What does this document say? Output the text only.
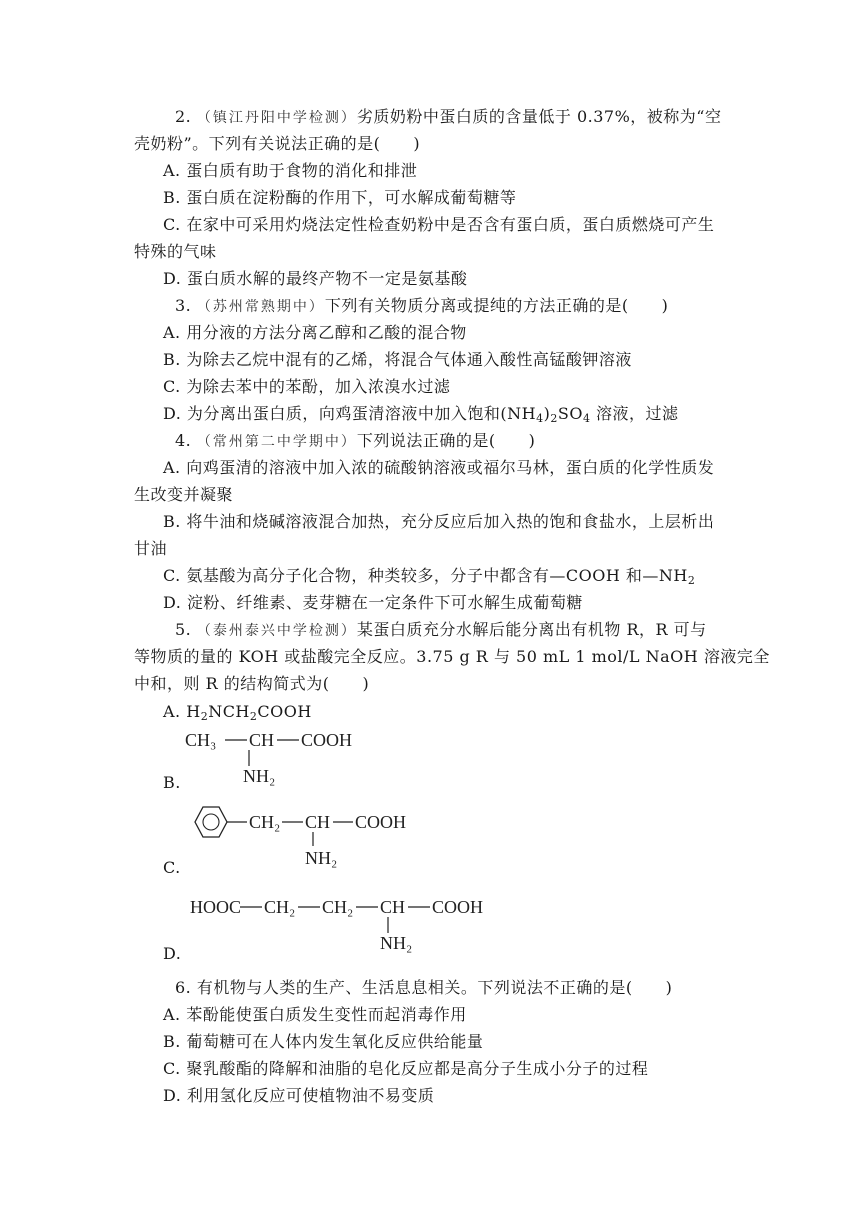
2. （镇江丹阳中学检测）劣质奶粉中蛋白质的含量低于 0.37%，被称为“空
壳奶粉”。下列有关说法正确的是(　　)
A. 蛋白质有助于食物的消化和排泄
B. 蛋白质在淀粉酶的作用下，可水解成葡萄糖等
C. 在家中可采用灼烧法定性检查奶粉中是否含有蛋白质，蛋白质燃烧可产生
特殊的气味
D. 蛋白质水解的最终产物不一定是氨基酸
3. （苏州常熟期中）下列有关物质分离或提纯的方法正确的是(　　)
A. 用分液的方法分离乙醇和乙酸的混合物
B. 为除去乙烷中混有的乙烯，将混合气体通入酸性高锰酸钾溶液
C. 为除去苯中的苯酚，加入浓溴水过滤
D. 为分离出蛋白质，向鸡蛋清溶液中加入饱和$(NH_4)_2SO_4$ 溶液，过滤
4. （常州第二中学期中）下列说法正确的是(　　)
A. 向鸡蛋清的溶液中加入浓的硫酸钠溶液或福尔马林，蛋白质的化学性质发
生改变并凝聚
B. 将牛油和烧碱溶液混合加热，充分反应后加入热的饱和食盐水，上层析出
甘油
C. 氨基酸为高分子化合物，种类较多，分子中都含有—COOH 和$—NH_2$
D. 淀粉、纤维素、麦芽糖在一定条件下可水解生成葡萄糖
5. （泰州泰兴中学检测）某蛋白质充分水解后能分离出有机物 R，R 可与
等物质的量的 KOH 或盐酸完全反应。3.75 g R 与 50 mL 1 mol/L NaOH 溶液完全
中和，则 R 的结构简式为(　　)
A. $H_2NCH_2COOH$
B.
CH₃ CH COOH
NH₂
C.
CH₂ CH COOH
NH₂
D.
HOOC CH₂ CH₂ CH COOH
NH₂
6. 有机物与人类的生产、生活息息相关。下列说法不正确的是(　　)
A. 苯酚能使蛋白质发生变性而起消毒作用
B. 葡萄糖可在人体内发生氧化反应供给能量
C. 聚乳酸酯的降解和油脂的皂化反应都是高分子生成小分子的过程
D. 利用氢化反应可使植物油不易变质
